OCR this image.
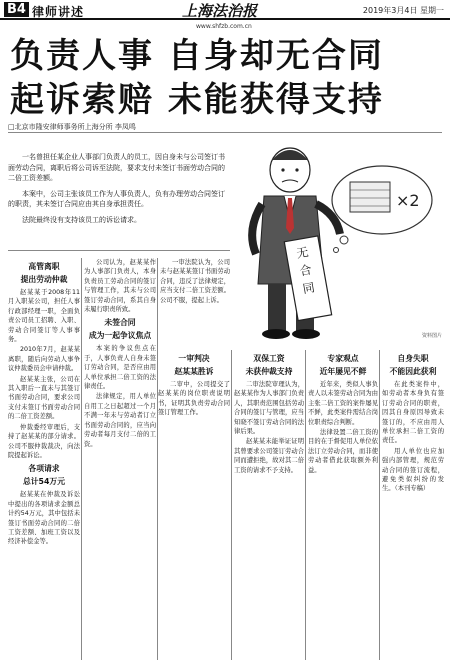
B4 律师讲述	上海法治报	2019年3月4日 星期一
www.shfzb.com.cn
负责人事 自身却无合同
起诉索赔 未能获得支持
□北京市隆安律师事务所上海分所 李凤鸣
×2
无
合
同
资料图片

一名曾担任某企业人事部门负责人的员工，因自身未与公司签订书面劳动合同，离职后将公司诉至法院，要求支付未签订书面劳动合同的二倍工资差额。

本案中，公司主张该员工作为人事负责人，负有办理劳动合同签订的职责，其未签订合同应由其自身承担责任。

法院最终没有支持该员工的诉讼请求。

高管离职
提出劳动仲裁

赵某某于2008年11月入职某公司，担任人事行政部经理一职，全面负责公司员工招聘、入职、劳动合同签订等人事事务。

2010年7月，赵某某离职，随后向劳动人事争议仲裁委员会申请仲裁。

赵某某主张，公司在其入职后一直未与其签订书面劳动合同，要求公司支付未签订书面劳动合同的二倍工资差额。

仲裁委经审理后，支持了赵某某的部分请求。公司不服仲裁裁决，向法院提起诉讼。

各项请求
总计54万元

赵某某在仲裁及诉讼中提出的各项请求金额总计约54万元，其中包括未签订书面劳动合同的二倍工资差额、加班工资以及经济补偿金等。

公司认为，赵某某作为人事部门负责人，本身负责员工劳动合同的签订与管理工作，其未与公司签订劳动合同，系其自身未履行职责所致。

未签合同
成为一起争议焦点

本案的争议焦点在于，人事负责人自身未签订劳动合同，是否应由用人单位承担二倍工资的法律责任。

法律规定，用人单位自用工之日起超过一个月不满一年未与劳动者订立书面劳动合同的，应当向劳动者每月支付二倍的工资。

一审法院认为，公司未与赵某某签订书面劳动合同，违反了法律规定，应当支付二倍工资差额。公司不服，提起上诉。

一审判决
赵某某胜诉

二审中，公司提交了赵某某的岗位职责说明书，证明其负责劳动合同签订管理工作。

双保工资
未获仲裁支持

二审法院审理认为，赵某某作为人事部门负责人，其职责范围包括劳动合同的签订与管理，应当知晓不签订劳动合同的法律后果。

赵某某未能举证证明其曾要求公司签订劳动合同而遭拒绝，故对其二倍工资的请求不予支持。

专家观点
近年屡见不鲜

近年来，类似人事负责人以未签劳动合同为由主张二倍工资的案件屡见不鲜，此类案件需结合岗位职责综合判断。

法律设置二倍工资的目的在于督促用人单位依法订立劳动合同，而非使劳动者借此获取额外利益。

自身失职
不能因此获利

在此类案件中，如劳动者本身负有签订劳动合同的职责，因其自身原因导致未签订的，不应由用人单位承担二倍工资的责任。

用人单位也应加强内部管理，规范劳动合同的签订流程，避免类似纠纷的发生。（本刊专稿）
